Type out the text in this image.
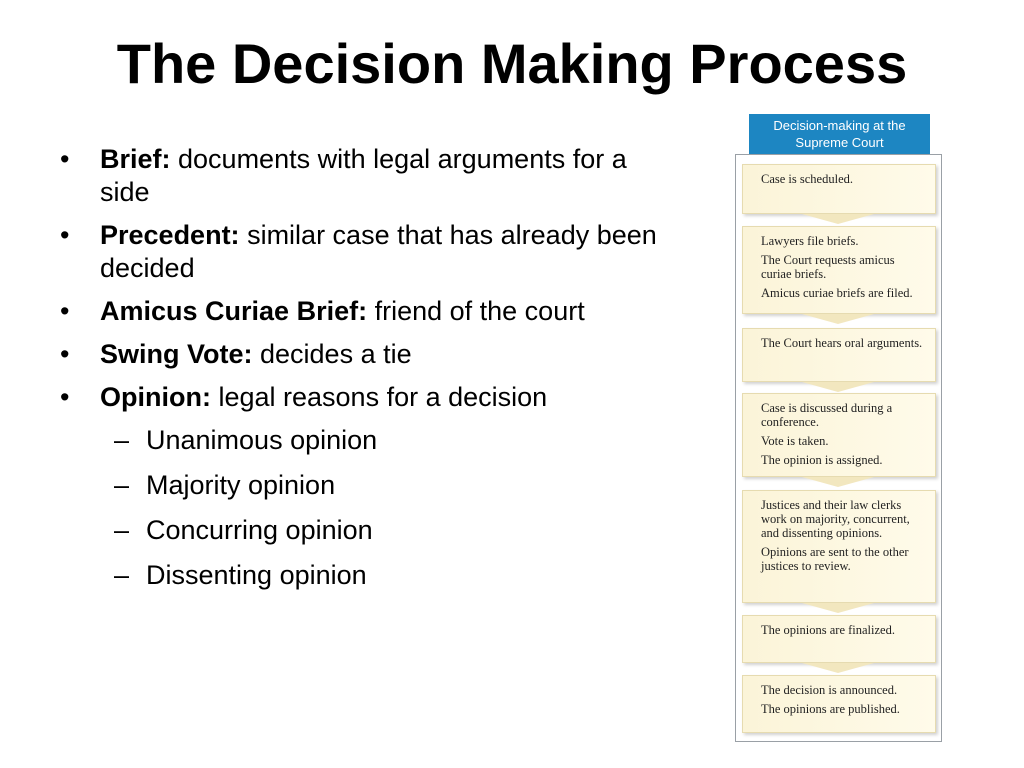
The Decision Making Process
• Brief: documents with legal arguments for a side
• Precedent: similar case that has already been decided
• Amicus Curiae Brief: friend of the court
• Swing Vote: decides a tie
• Opinion: legal reasons for a decision
– Unanimous opinion
– Majority opinion
– Concurring opinion
– Dissenting opinion
Decision-making at the Supreme Court

Case is scheduled.

Lawyers file briefs.

The Court requests amicus curiae briefs.

Amicus curiae briefs are filed.

The Court hears oral arguments.

Case is discussed during a conference.

Vote is taken.

The opinion is assigned.

Justices and their law clerks work on majority, concurrent, and dissenting opinions.

Opinions are sent to the other justices to review.

The opinions are finalized.

The decision is announced.

The opinions are published.
